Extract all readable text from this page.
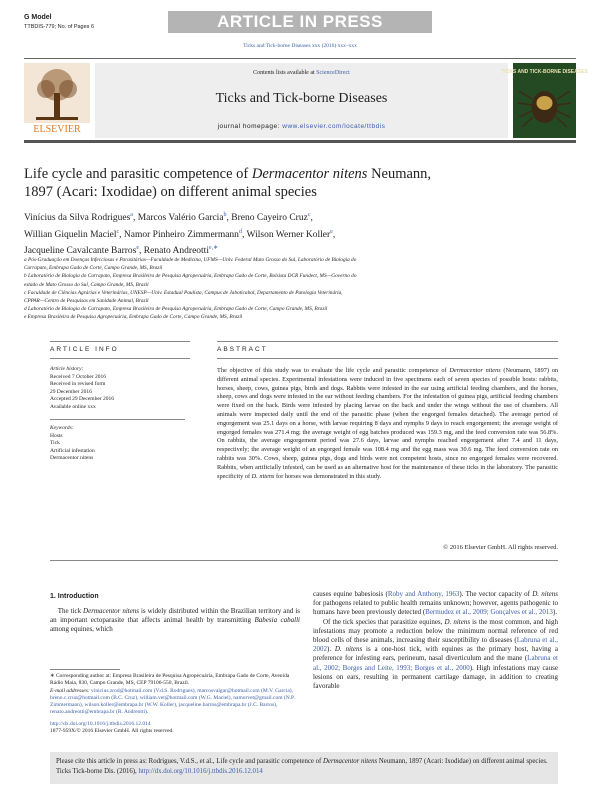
G Model
TTBDIS-779; No. of Pages 6	ARTICLE IN PRESS
Ticks and Tick-borne Diseases xxx (2016) xxx–xxx
ELSEVIER
Contents lists available at ScienceDirect
Ticks and Tick-borne Diseases
journal homepage: www.elsevier.com/locate/ttbdis
TICKS AND TICK-BORNE DISEASES
Life cycle and parasitic competence of Dermacentor nitens Neumann,
1897 (Acari: Ixodidae) on different animal species
Vinícius da Silva Rodrigues$^a$, Marcos Valério Garcia$^b$, Breno Cayeiro Cruz$^c$,
Willian Giquelin Maciel$^c$, Namor Pinheiro Zimmermann$^d$, Wilson Werner Koller$^e$,
Jacqueline Cavalcante Barros$^e$, Renato Andreotti$^{e,∗}$
a Pós-Graduação em Doenças Infecciosas e Parasitárias—Faculdade de Medicina, UFMS—Univ. Federal Mato Grosso do Sul, Laboratório de Biologia do
Carrapato, Embrapa Gado de Corte, Campo Grande, MS, Brazil
b Laboratório de Biologia do Carrapato, Empresa Brasileira de Pesquisa Agropecuária, Embrapa Gado de Corte, Bolsista DCR Fundect, MS—Governo do
estado de Mato Grosso do Sul, Campo Grande, MS, Brazil
c Faculdade de Ciências Agrárias e Veterinárias, UNESP—Univ. Estadual Paulista, Campus de Jaboticabal, Departamento de Patologia Veterinária,
CPPAR—Centro de Pesquisas em Sanidade Animal, Brazil
d Laboratório de Biologia do Carrapato, Empresa Brasileira de Pesquisa Agropecuária, Embrapa Gado de Corte, Campo Grande, MS, Brazil
e Empresa Brasileira de Pesquisa Agropecuária, Embrapa Gado de Corte, Campo Grande, MS, Brazil
ARTICLE INFO	ABSTRACT
Article history:
Received 7 October 2016
Received in revised form
29 December 2016
Accepted 29 December 2016
Available online xxx
Keywords:
Hosts
Tick
Artificial infestation
Dermacentor nitens
The objective of this study was to evaluate the life cycle and parasitic competence of Dermacentor nitens (Neumann, 1897) on different animal species. Experimental infestations were induced in five specimens each of seven species of possible hosts: rabbits, horses, sheep, cows, guinea pigs, birds and dogs. Rabbits were infested in the ear using artificial feeding chambers, and the horses, sheep, cows and dogs were infested in the ear without feeding chambers. For the infestation of guinea pigs, artificial feeding chambers were fixed on the back. Birds were infested by placing larvae on the back and under the wings without the use of chambers. All animals were inspected daily until the end of the parasitic phase (when the engorged females detached). The average period of engorgement was 25.1 days on a horse, with larvae requiring 8 days and nymphs 9 days to reach engorgement; the average weight of engorged females was 271.4 mg; the average weight of egg batches produced was 159.3 mg, and the feed conversion rate was 56.8%. On rabbits, the average engorgement period was 27.6 days, larvae and nymphs reached engorgement after 7.4 and 11 days, respectively; the average weight of an engorged female was 108.4 mg and the egg mass was 30.6 mg. The feed conversion rate on rabbits was 30%. Cows, sheep, guinea pigs, dogs and birds were not competent hosts, since no engorged females were recovered. Rabbits, when artificially infested, can be used as an alternative host for the maintenance of these ticks in the laboratory. The parasitic specificity of D. nitens for horses was demonstrated in this study.
© 2016 Elsevier GmbH. All rights reserved.
1. Introduction
The tick Dermacentor nitens is widely distributed within the Brazilian territory and is an important ectoparasite that affects animal health by transmitting Babesia caballi among equines, which
causes equine babesiosis (Roby and Anthony, 1963). The vector capacity of D. nitens for pathogens related to public health remains unknown; however, agents pathogenic to humans have been previously detected (Bermudez et al., 2009; Gonçalves et al., 2013).
Of the tick species that parasitize equines, D. nitens is the most common, and high infestations may promote a reduction below the minimum normal reference of red blood cells of these animals, increasing their susceptibility to diseases (Labruna et al., 2002). D. nitens is a one-host tick, with equines as the primary host, having a preference for infesting ears, perineum, nasal diverticulum and the mane (Labruna et al., 2002; Borges and Leite, 1993; Borges et al., 2000). High infestations may cause lesions on ears, resulting in permanent cartilage damage, in addition to creating favorable
∗ Corresponding author at: Empresa Brasileira de Pesquisa Agropecuária, Embrapa Gado de Corte, Avenida Rádio Maia, 830, Campo Grande, MS, CEP 79106-550, Brazil.
E-mail addresses: vinicius.zrod@hotmail.com (V.d.S. Rodrigues), marcosvalgar@hotmail.com (M.V. Garcia), breno.c.cruz@hotmail.com (B.C. Cruz), william.vet@hotmail.com (W.G. Maciel), namorvet@gmail.com (N.P. Zimmermann), wilson.koller@embrapa.br (W.W. Koller), jacqueline.barros@embrapa.br (J.C. Barros), renato.andreotti@embrapa.br (R. Andreotti).
http://dx.doi.org/10.1016/j.ttbdis.2016.12.014
1877-959X/© 2016 Elsevier GmbH. All rights reserved.
Please cite this article in press as: Rodrigues, V.d.S., et al., Life cycle and parasitic competence of Dermacentor nitens Neumann, 1897 (Acari: Ixodidae) on different animal species. Ticks Tick-borne Dis. (2016), http://dx.doi.org/10.1016/j.ttbdis.2016.12.014
